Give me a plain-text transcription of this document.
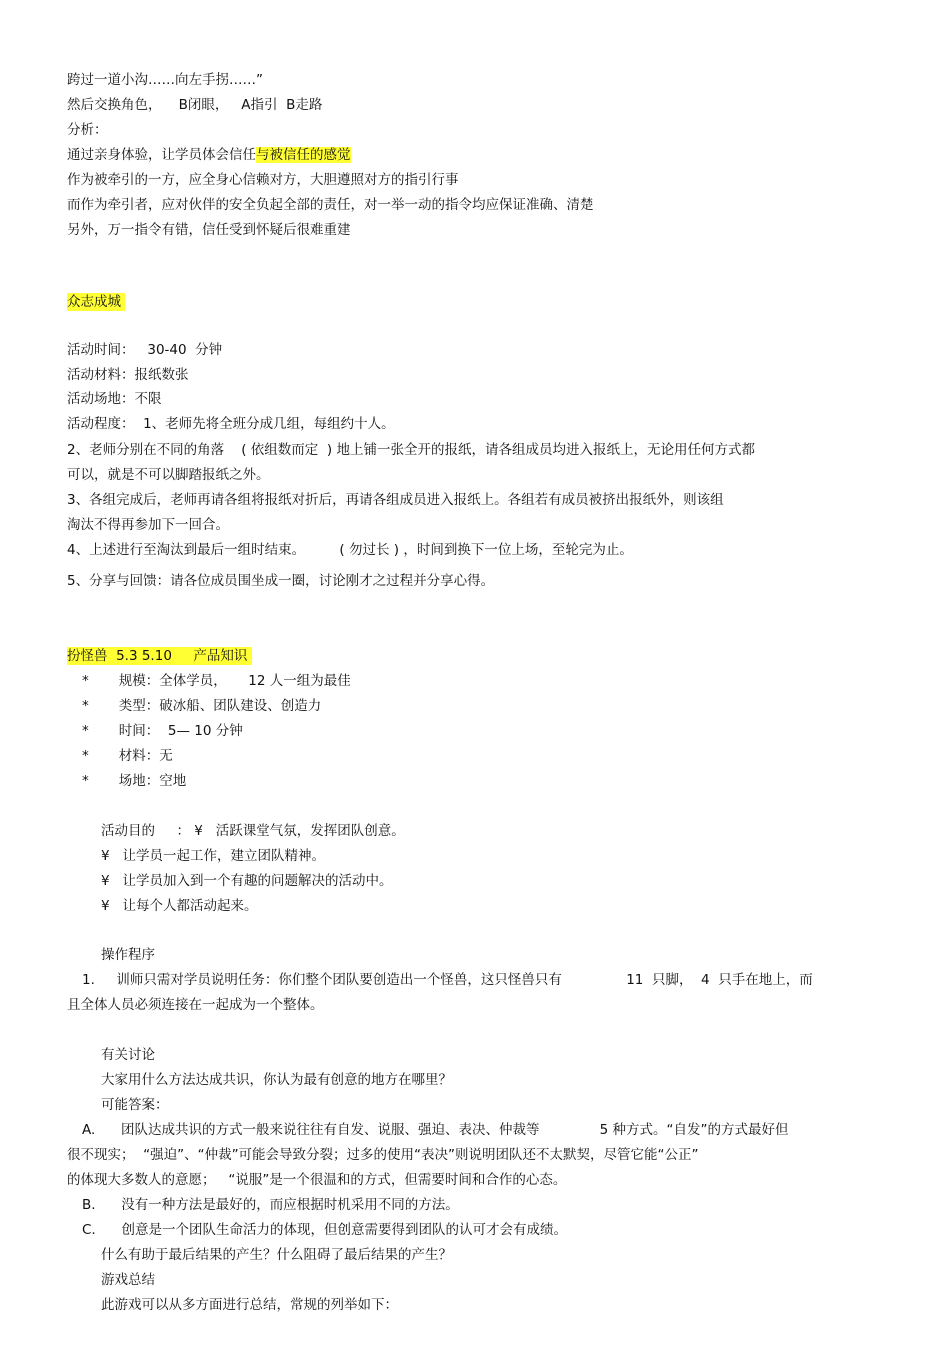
跨过一道小沟……向左手拐……”
然后交换角色，    B闭眼，   A指引  B走路
分析：
通过亲身体验，让学员体会信任与被信任的感觉
作为被牵引的一方，应全身心信赖对方，大胆遵照对方的指引行事
而作为牵引者，应对伙伴的安全负起全部的责任，对一举一动的指令均应保证准确、清楚
另外，万一指令有错，信任受到怀疑后很难重建
众志成城
活动时间：   30-40  分钟
活动材料：报纸数张
活动场地：不限
活动程度：  1、老师先将全班分成几组，每组约十人。
2、老师分别在不同的角落    ( 依组数而定  ) 地上铺一张全开的报纸，请各组成员均进入报纸上，无论用任何方式都
可以，就是不可以脚踏报纸之外。
3、各组完成后，老师再请各组将报纸对折后，再请各组成员进入报纸上。各组若有成员被挤出报纸外，则该组
淘汰不得再参加下一回合。
4、上述进行至淘汰到最后一组时结束。        ( 勿过长 ) ，时间到换下一位上场，至轮完为止。
5、分享与回馈：请各位成员围坐成一圈，讨论刚才之过程并分享心得。
扮怪兽  5.3 5.10     产品知识
*       规模：全体学员，     12 人一组为最佳
*       类型：破冰船、团队建设、创造力
*       时间：  5— 10 分钟
*       材料：无
*       场地：空地
活动目的     ： ¥   活跃课堂气氛，发挥团队创意。
¥   让学员一起工作，建立团队精神。
¥   让学员加入到一个有趣的问题解决的活动中。
¥   让每个人都活动起来。
操作程序
1.     训师只需对学员说明任务：你们整个团队要创造出一个怪兽，这只怪兽只有               11  只脚，  4  只手在地上，而
且全体人员必须连接在一起成为一个整体。
有关讨论
大家用什么方法达成共识，你认为最有创意的地方在哪里？
可能答案：
A.      团队达成共识的方式一般来说往往有自发、说服、强迫、表决、仲裁等              5 种方式。“自发”的方式最好但
很不现实；  “强迫”、“仲裁”可能会导致分裂；过多的使用“表决”则说明团队还不太默契，尽管它能“公正”
的体现大多数人的意愿；   “说服”是一个很温和的方式，但需要时间和合作的心态。
B.      没有一种方法是最好的，而应根据时机采用不同的方法。
C.      创意是一个团队生命活力的体现，但创意需要得到团队的认可才会有成绩。
什么有助于最后结果的产生？什么阻碍了最后结果的产生？
游戏总结
此游戏可以从多方面进行总结，常规的列举如下：
